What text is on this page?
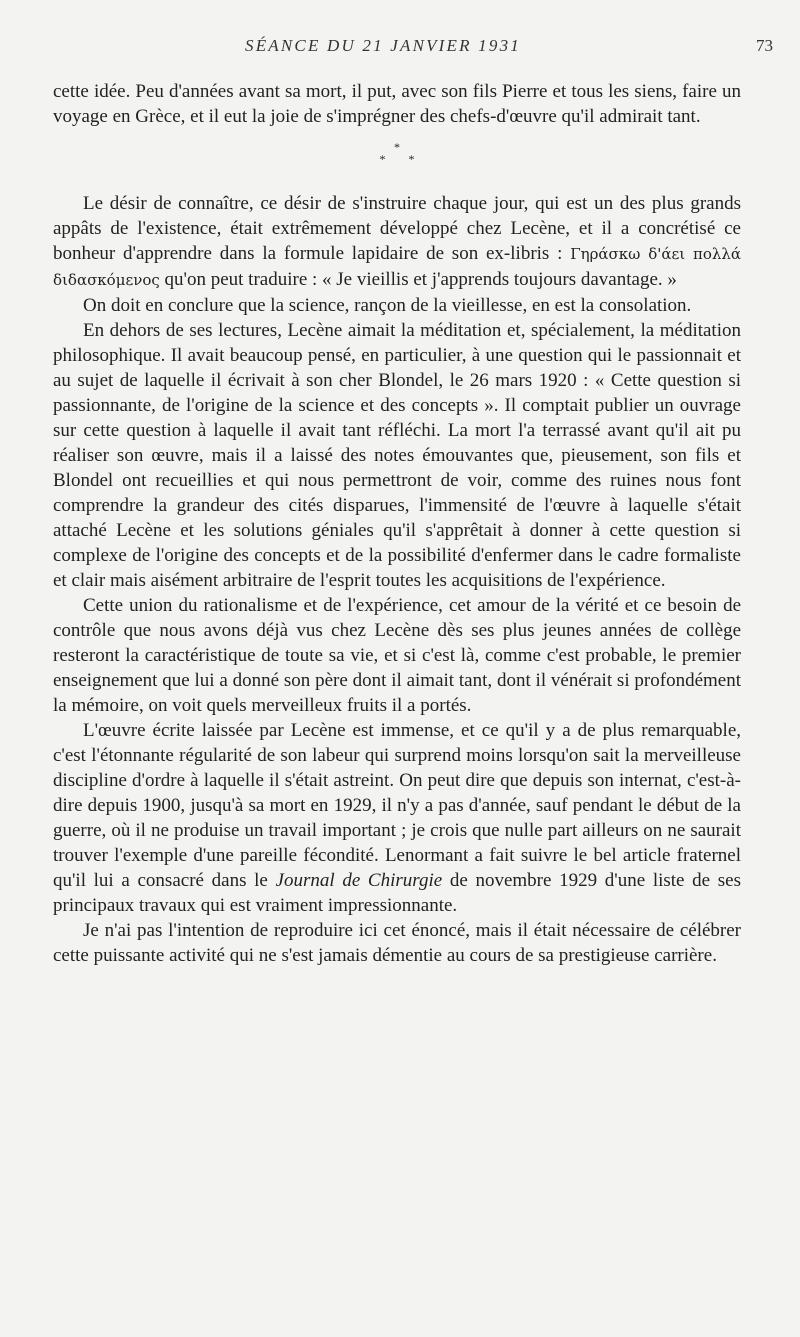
SÉANCE DU 21 JANVIER 1931	73

cette idée. Peu d'années avant sa mort, il put, avec son fils Pierre et tous les siens, faire un voyage en Grèce, et il eut la joie de s'imprégner des chefs-d'œuvre qu'il admirait tant.

*
* *

Le désir de connaître, ce désir de s'instruire chaque jour, qui est un des plus grands appâts de l'existence, était extrêmement développé chez Lecène, et il a concrétisé ce bonheur d'apprendre dans la formule lapidaire de son ex-libris : Γηράσκω δ'άει πολλά διδασκόμενος qu'on peut traduire : « Je vieillis et j'apprends toujours davantage. »

On doit en conclure que la science, rançon de la vieillesse, en est la consolation.

En dehors de ses lectures, Lecène aimait la méditation et, spécialement, la méditation philosophique. Il avait beaucoup pensé, en particulier, à une question qui le passionnait et au sujet de laquelle il écrivait à son cher Blondel, le 26 mars 1920 : « Cette question si passionnante, de l'origine de la science et des concepts ». Il comptait publier un ouvrage sur cette question à laquelle il avait tant réfléchi. La mort l'a terrassé avant qu'il ait pu réaliser son œuvre, mais il a laissé des notes émouvantes que, pieusement, son fils et Blondel ont recueillies et qui nous permettront de voir, comme des ruines nous font comprendre la grandeur des cités disparues, l'immensité de l'œuvre à laquelle s'était attaché Lecène et les solutions géniales qu'il s'apprêtait à donner à cette question si complexe de l'origine des concepts et de la possibilité d'enfermer dans le cadre formaliste et clair mais aisément arbitraire de l'esprit toutes les acquisitions de l'expérience.

Cette union du rationalisme et de l'expérience, cet amour de la vérité et ce besoin de contrôle que nous avons déjà vus chez Lecène dès ses plus jeunes années de collège resteront la caractéristique de toute sa vie, et si c'est là, comme c'est probable, le premier enseignement que lui a donné son père dont il aimait tant, dont il vénérait si profondément la mémoire, on voit quels merveilleux fruits il a portés.

L'œuvre écrite laissée par Lecène est immense, et ce qu'il y a de plus remarquable, c'est l'étonnante régularité de son labeur qui surprend moins lorsqu'on sait la merveilleuse discipline d'ordre à laquelle il s'était astreint. On peut dire que depuis son internat, c'est-à-dire depuis 1900, jusqu'à sa mort en 1929, il n'y a pas d'année, sauf pendant le début de la guerre, où il ne produise un travail important ; je crois que nulle part ailleurs on ne saurait trouver l'exemple d'une pareille fécondité. Lenormant a fait suivre le bel article fraternel qu'il lui a consacré dans le Journal de Chirurgie de novembre 1929 d'une liste de ses principaux travaux qui est vraiment impressionnante.

Je n'ai pas l'intention de reproduire ici cet énoncé, mais il était nécessaire de célébrer cette puissante activité qui ne s'est jamais démentie au cours de sa prestigieuse carrière.
